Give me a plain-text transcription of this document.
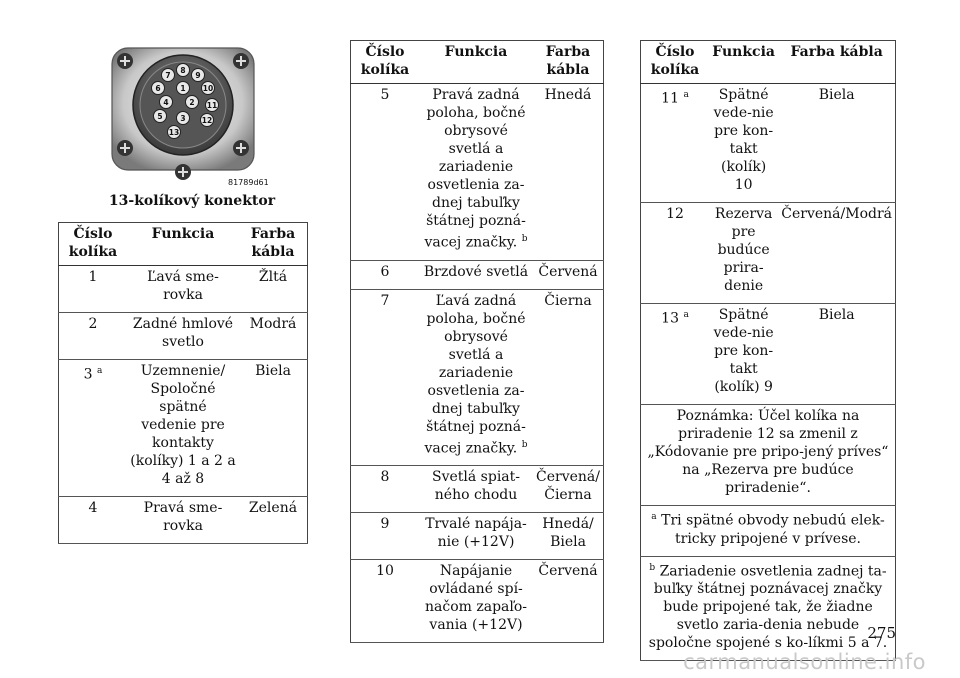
7
8
9
6	1 10
4	2 11
5 3 12
13
81789d61
13-kolíkový konektor
Číslo kolíka	Funkcia	Farba kábla
1	Ľavá sme-rovka	Žltá
2	Zadné hmlové svetlo	Modrá
3 $^a$	Uzemnenie/ Spoločné spätné vedenie pre kontakty (kolíky) 1 a 2 a 4 až 8	Biela
4	Pravá sme-rovka	Zelená
Číslo kolíka	Funkcia	Farba kábla
5	Pravá zadná poloha, bočné obrysové svetlá a zariadenie osvetlenia za-dnej tabuľky štátnej pozná-vacej značky. $^b$	Hnedá
6	Brzdové svetlá	Červená
7	Ľavá zadná poloha, bočné obrysové svetlá a zariadenie osvetlenia za-dnej tabuľky štátnej pozná-vacej značky. $^b$	Čierna
8	Svetlá spiat-ného chodu	Červená/Čierna
9	Trvalé napája-nie (+12V)	Hnedá/ Biela
10	Napájanie ovládané spí-načom zapaľo-vania (+12V)	Červená
Číslo kolíka	Funkcia	Farba kábla
11 $^a$	Spätné vede-nie pre kon-takt (kolík) 10	Biela
12	Rezerva pre budúce prira-denie	Červená/Modrá
13 $^a$	Spätné vede-nie pre kon-takt (kolík) 9	Biela
Poznámka: Účel kolíka na priradenie 12 sa zmenil z „Kódovanie pre pripo-jený príves“ na „Rezerva pre budúce priradenie“.		
$^a$ Tri spätné obvody nebudú elek-tricky pripojené v prívese.		
$^b$ Zariadenie osvetlenia zadnej ta-buľky štátnej poznávacej značky bude pripojené tak, že žiadne svetlo zaria-denia nebude spoločne spojené s ko-líkmi 5 a 7.		
275
carmanualsonline.info
